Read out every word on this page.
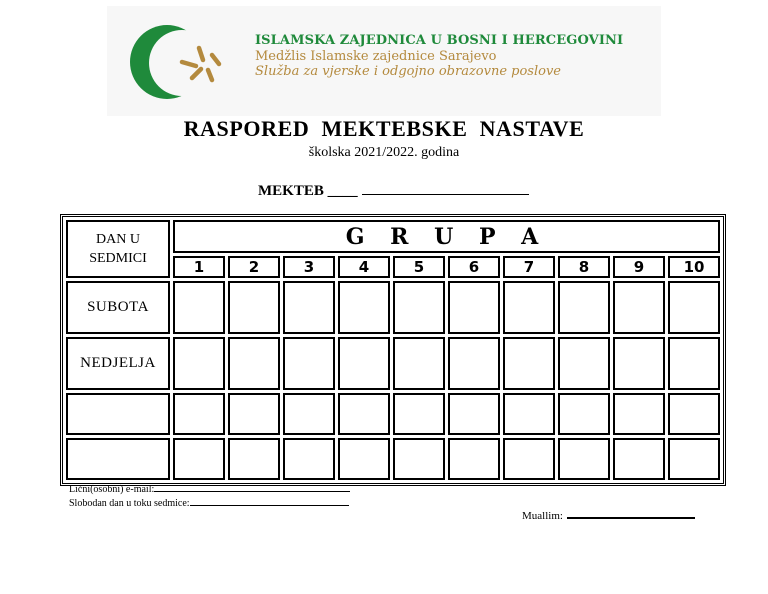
ISLAMSKA ZAJEDNICA U BOSNI I HERCEGOVINI
Medžlis Islamske zajednice Sarajevo
Služba za vjerske i odgojno obrazovne poslove
RASPORED MEKTEBSKE NASTAVE
školska 2021/2022. godina
MEKTEB ____
DAN U
SEDMICI	G R U P A									
	1	2	3	4	5	6	7	8	9	10
SUBOTA										
NEDJELJA										

Lični(osobni) e-mail:
Slobodan dan u toku sedmice:
Muallim:
